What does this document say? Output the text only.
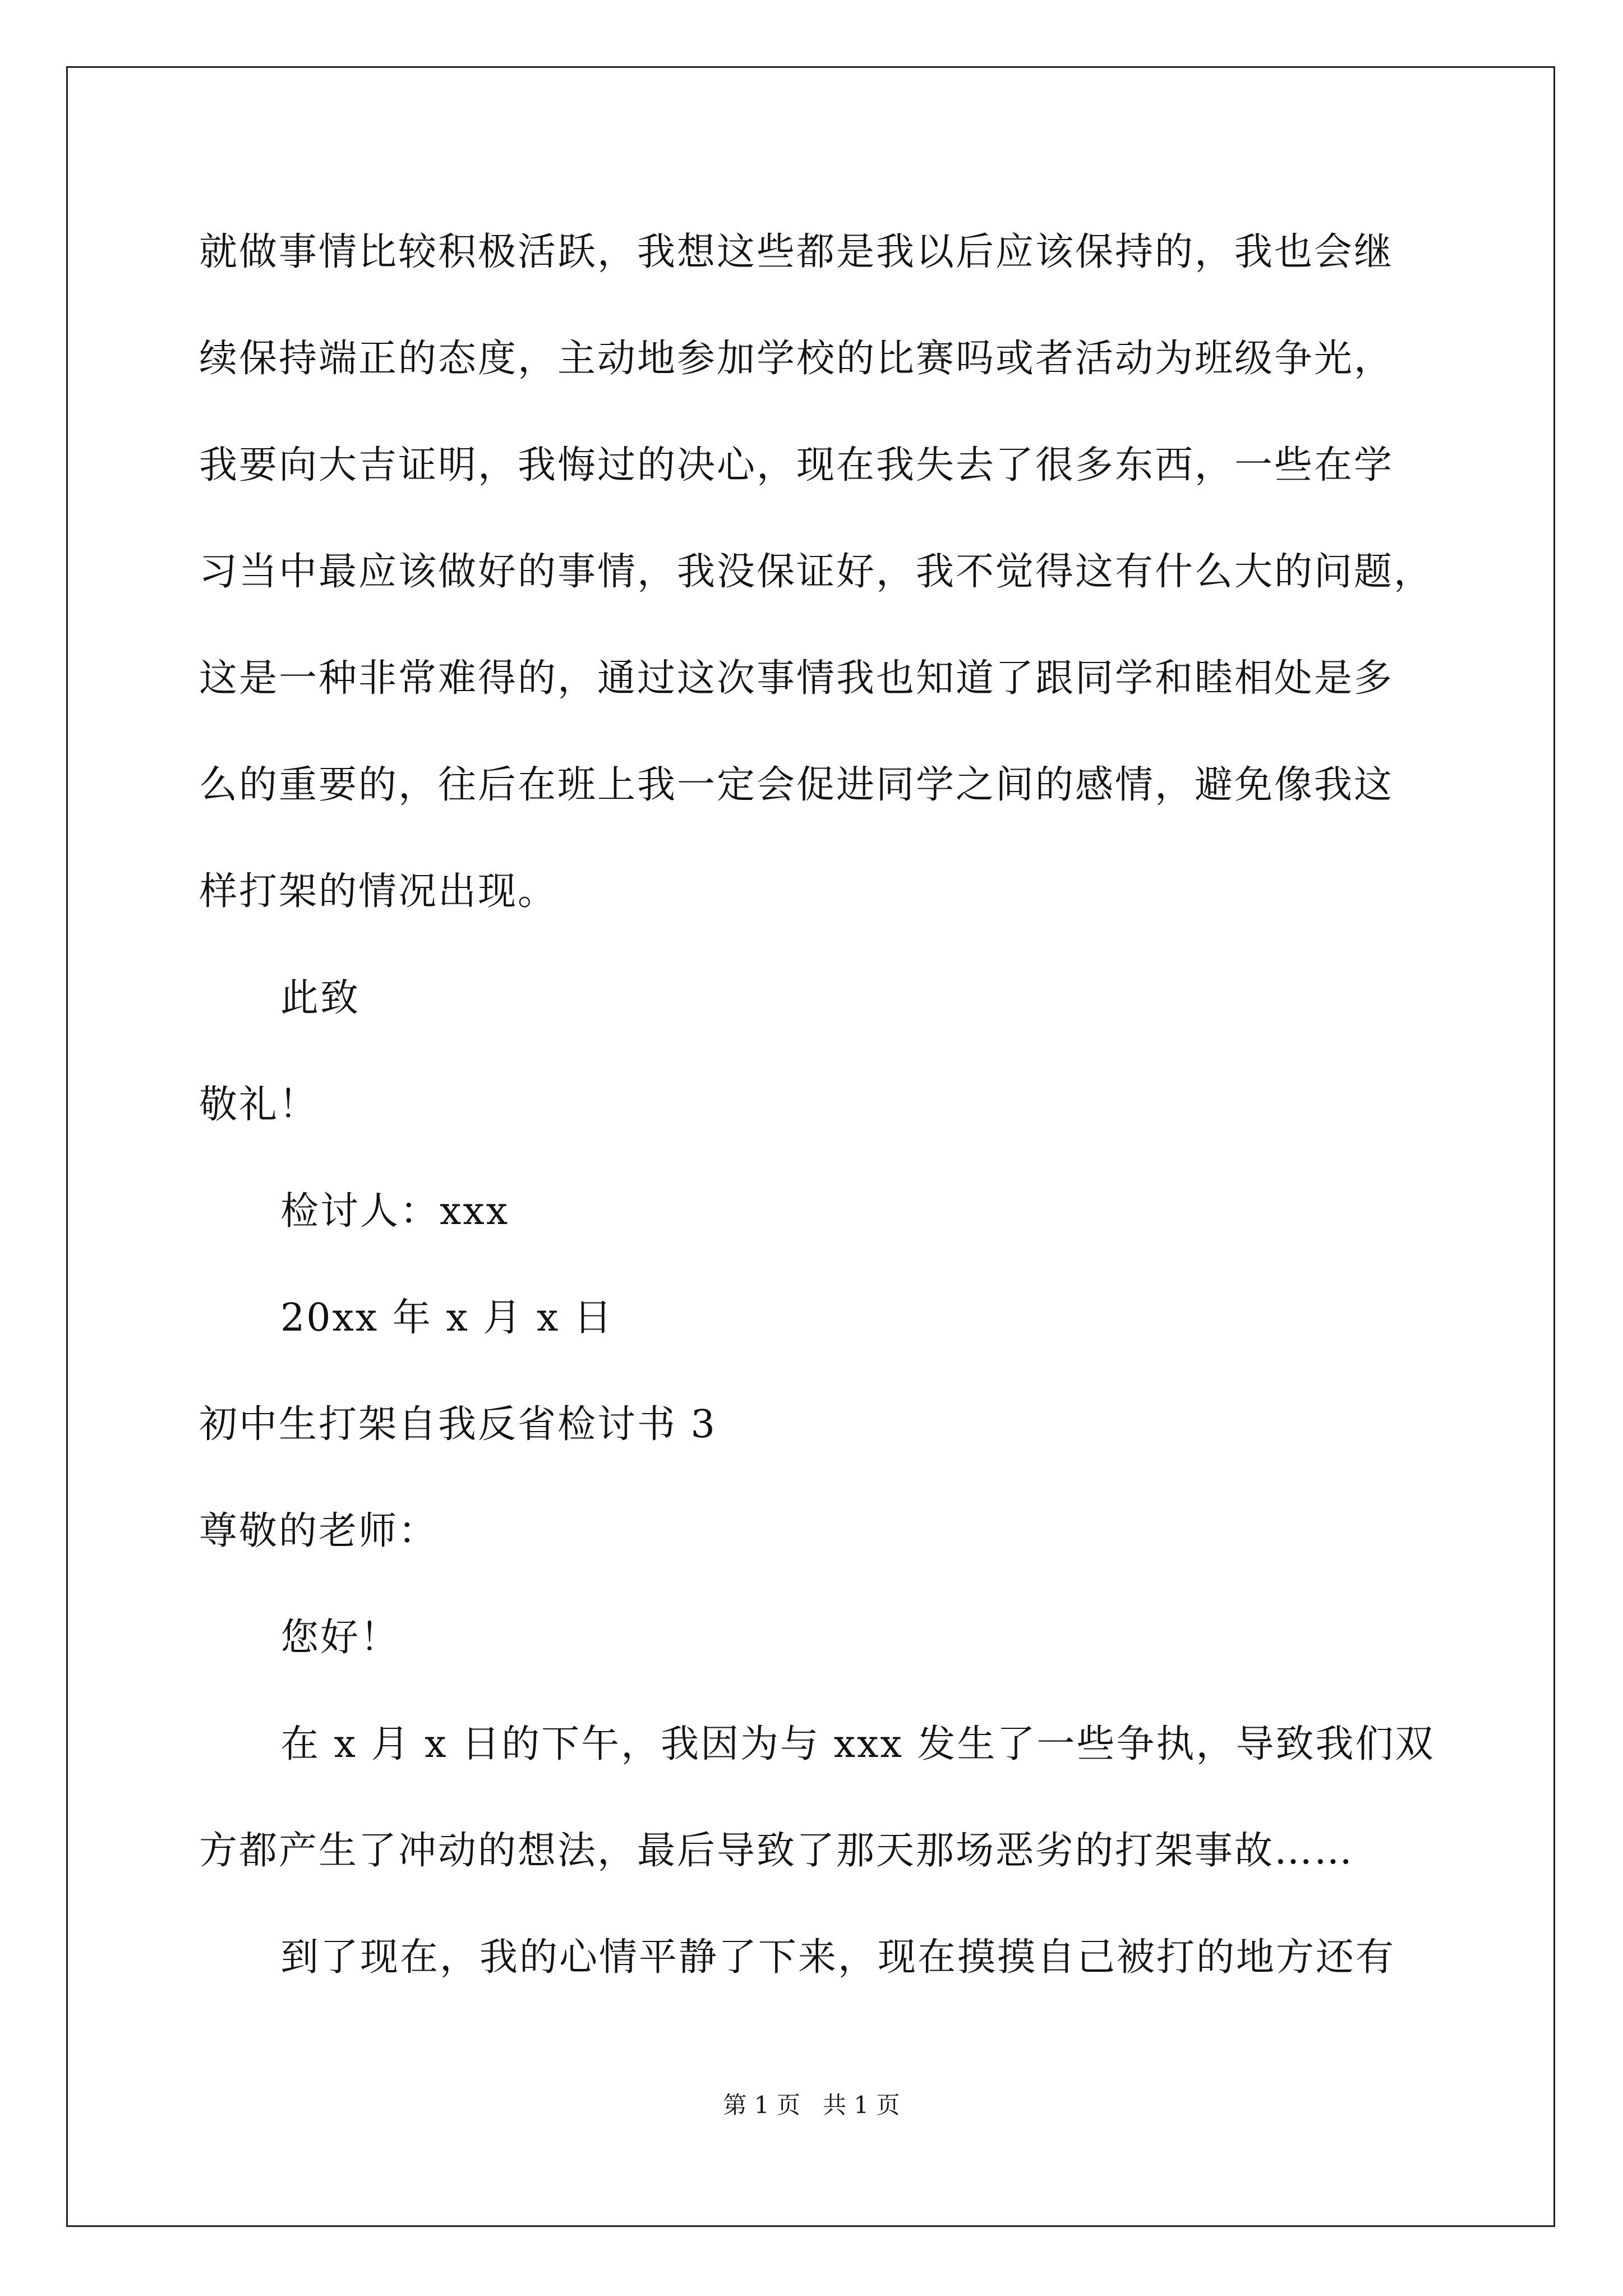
就做事情比较积极活跃，我想这些都是我以后应该保持的，我也会继
续保持端正的态度，主动地参加学校的比赛吗或者活动为班级争光，
我要向大吉证明，我悔过的决心，现在我失去了很多东西，一些在学
习当中最应该做好的事情，我没保证好，我不觉得这有什么大的问题，
这是一种非常难得的，通过这次事情我也知道了跟同学和睦相处是多
么的重要的，往后在班上我一定会促进同学之间的感情，避免像我这
样打架的情况出现。
此致
敬礼！
检讨人：xxx
20xx 年 x 月 x 日
初中生打架自我反省检讨书 3
尊敬的老师：
您好！
在 x 月 x 日的下午，我因为与 xxx 发生了一些争执，导致我们双
方都产生了冲动的想法，最后导致了那天那场恶劣的打架事故……
到了现在，我的心情平静了下来，现在摸摸自己被打的地方还有
第 1 页   共 1 页
